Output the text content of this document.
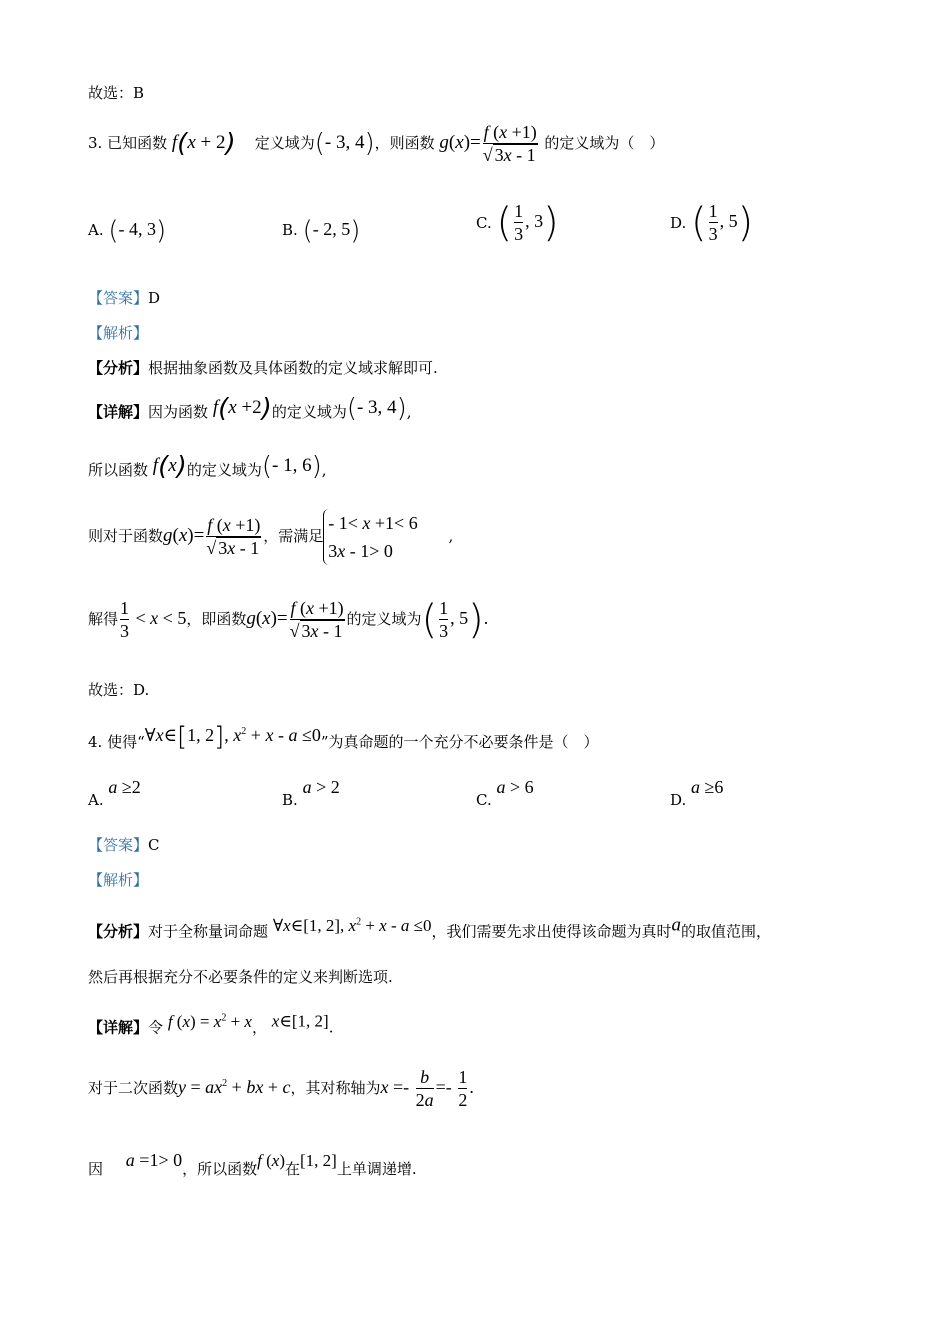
故选：B
3. 已知函数 f(x + 2) 定义域为(- 3, 4)，则函数 $g(x)= \frac{f (x +1)}{√ 3x - 1}$ 的定义域为（　）
A. (- 4, 3)	B. (- 2, 5)	C. ( $\frac{1}{3}$ , 3)	D. ( $\frac{1}{3}$ , 5)
【答案】D
【解析】
【分析】根据抽象函数及具体函数的定义域求解即可.
【详解】因为函数 f(x +2)的定义域为(- 3, 4),
所以函数 f(x)的定义域为(- 1, 6),
则对于函数$g(x)= \frac{f (x +1)}{√ 3x - 1}$ ，需满足
- 1< x +1< 6
3x - 1> 0
,
解得 $\frac{1}{3} < x < 5$，即函数$g(x)= \frac{f (x +1)}{√ 3x - 1}$ 的定义域为( $\frac{1}{3}$ , 5).
故选：D.
4. 使得“∀x∈[1, 2], $x^2 + x - a \le 0$”为真命题的一个充分不必要条件是（　）
A. a ≥2
B. a > 2
C. a > 6
D. a ≥6
【答案】C
【解析】
【分析】对于全称量词命题 ∀x∈[1, 2], $x^2 + x - a \le 0$，我们需要先求出使得该命题为真时a的取值范围，
然后再根据充分不必要条件的定义来判断选项.
【详解】令 f $(x) = x^2 + x$， x∈[1, 2].
对于二次函数$y = ax^2$ + bx + c，其对称轴为$x =- \frac{b}{2a} =- \frac{1}{2}$ .
因 a =1> 0，所以函数f (x)在[1, 2]上单调递增.
